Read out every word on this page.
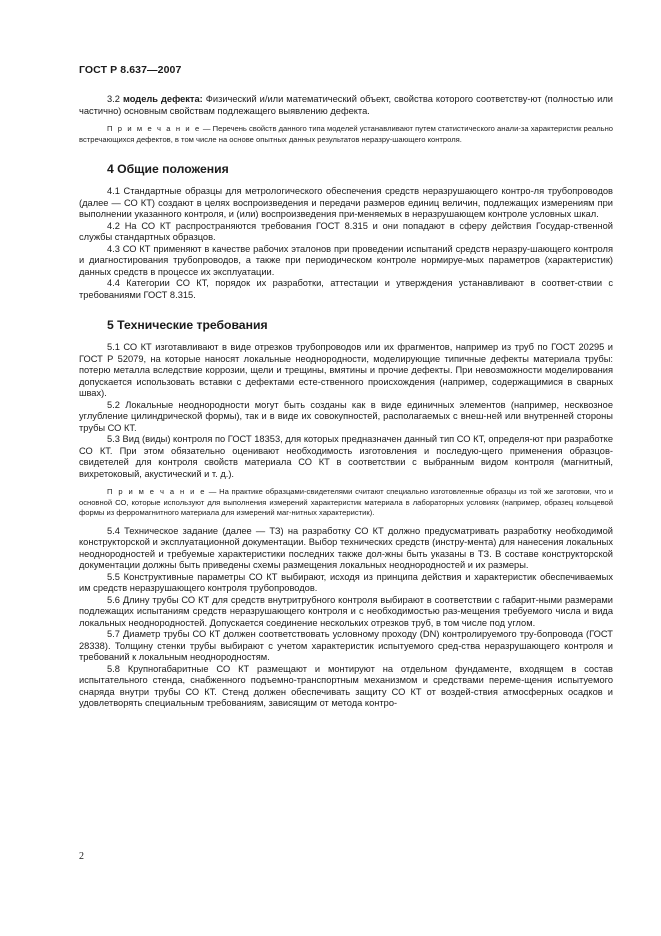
ГОСТ Р 8.637—2007

3.2 модель дефекта: Физический и/или математический объект, свойства которого соответству-ют (полностью или частично) основным свойствам подлежащего выявлению дефекта.

П р и м е ч а н и е — Перечень свойств данного типа моделей устанавливают путем статистического анали-за характеристик реально встречающихся дефектов, в том числе на основе опытных данных результатов неразру-шающего контроля.

4 Общие положения

4.1 Стандартные образцы для метрологического обеспечения средств неразрушающего контро-ля трубопроводов (далее — СО КТ) создают в целях воспроизведения и передачи размеров единиц величин, подлежащих измерениям при выполнении указанного контроля, и (или) воспроизведения при-меняемых в неразрушающем контроле условных шкал.

4.2 На СО КТ распространяются требования ГОСТ 8.315 и они попадают в сферу действия Государ-ственной службы стандартных образцов.

4.3 СО КТ применяют в качестве рабочих эталонов при проведении испытаний средств неразру-шающего контроля и диагностирования трубопроводов, а также при периодическом контроле нормируе-мых параметров (характеристик) данных средств в процессе их эксплуатации.

4.4 Категории СО КТ, порядок их разработки, аттестации и утверждения устанавливают в соответ-ствии с требованиями ГОСТ 8.315.

5 Технические требования

5.1 СО КТ изготавливают в виде отрезков трубопроводов или их фрагментов, например из труб по ГОСТ 20295 и ГОСТ Р 52079, на которые наносят локальные неоднородности, моделирующие типичные дефекты материала трубы: потерю металла вследствие коррозии, щели и трещины, вмятины и прочие дефекты. При невозможности моделирования допускается использовать вставки с дефектами есте-ственного происхождения (например, содержащимися в сварных швах).

5.2 Локальные неоднородности могут быть созданы как в виде единичных элементов (например, несквозное углубление цилиндрической формы), так и в виде их совокупностей, располагаемых с внеш-ней или внутренней стороны трубы СО КТ.

5.3 Вид (виды) контроля по ГОСТ 18353, для которых предназначен данный тип СО КТ, определя-ют при разработке СО КТ. При этом обязательно оценивают необходимость изготовления и последую-щего применения образцов-свидетелей для контроля свойств материала СО КТ в соответствии с выбранным видом контроля (магнитный, вихретоковый, акустический и т. д.).

П р и м е ч а н и е — На практике образцами-свидетелями считают специально изготовленные образцы из той же заготовки, что и основной СО, которые используют для выполнения измерений характеристик материала в лабораторных условиях (например, образец кольцевой формы из ферромагнитного материала для измерений маг-нитных характеристик).

5.4 Техническое задание (далее — ТЗ) на разработку СО КТ должно предусматривать разработку необходимой конструкторской и эксплуатационной документации. Выбор технических средств (инстру-мента) для нанесения локальных неоднородностей и требуемые характеристики последних также дол-жны быть указаны в ТЗ. В составе конструкторской документации должны быть приведены схемы размещения локальных неоднородностей и их размеры.

5.5 Конструктивные параметры СО КТ выбирают, исходя из принципа действия и характеристик обеспечиваемых им средств неразрушающего контроля трубопроводов.

5.6 Длину трубы СО КТ для средств внутритрубного контроля выбирают в соответствии с габарит-ными размерами подлежащих испытаниям средств неразрушающего контроля и с необходимостью раз-мещения требуемого числа и вида локальных неоднородностей. Допускается соединение нескольких отрезков труб, в том числе под углом.

5.7 Диаметр трубы СО КТ должен соответствовать условному проходу (DN) контролируемого тру-бопровода (ГОСТ 28338). Толщину стенки трубы выбирают с учетом характеристик испытуемого сред-ства неразрушающего контроля и требований к локальным неоднородностям.

5.8 Крупногабаритные СО КТ размещают и монтируют на отдельном фундаменте, входящем в состав испытательного стенда, снабженного подъемно-транспортным механизмом и средствами переме-щения испытуемого снаряда внутри трубы СО КТ. Стенд должен обеспечивать защиту СО КТ от воздей-ствия атмосферных осадков и удовлетворять специальным требованиям, зависящим от метода контро-

2
